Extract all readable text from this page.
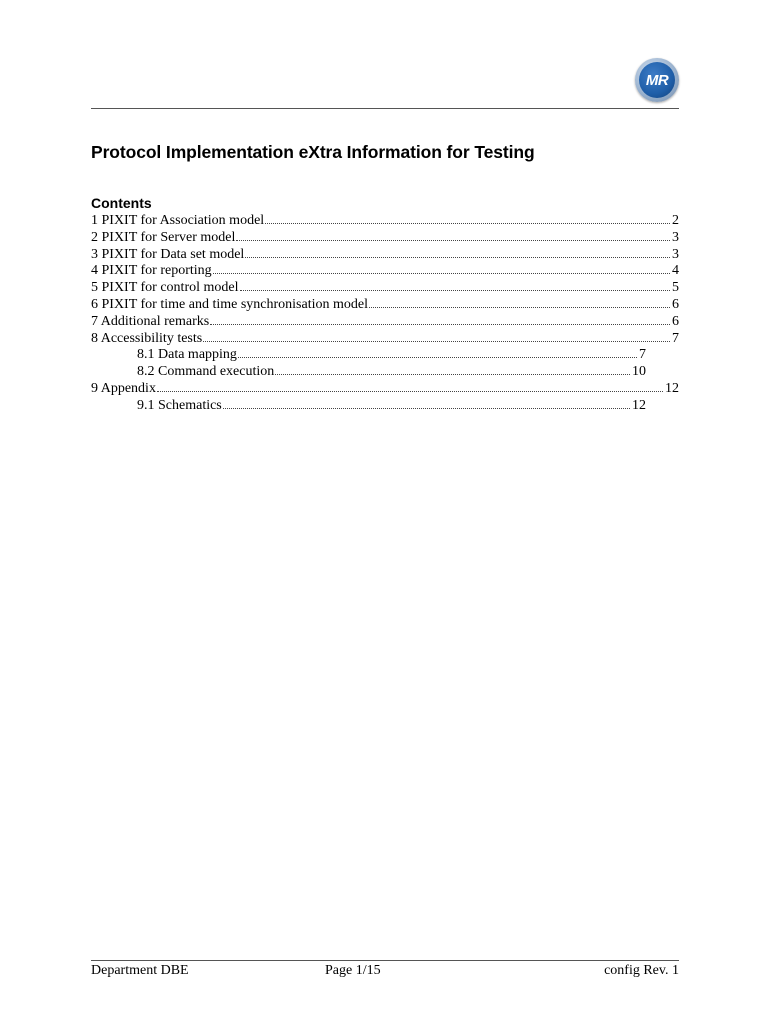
MR
Protocol Implementation eXtra Information for Testing
Contents
1 PIXIT for Association model	2
2 PIXIT for Server model	3
3 PIXIT for Data set model	3
4 PIXIT for reporting	4
5 PIXIT for control model	5
6 PIXIT for time and time synchronisation model	6
7 Additional remarks	6
8 Accessibility tests	7
8.1 Data mapping	7
8.2 Command execution	10
9 Appendix	12
9.1 Schematics	12
Department DBE	Page 1/15	config Rev. 1
